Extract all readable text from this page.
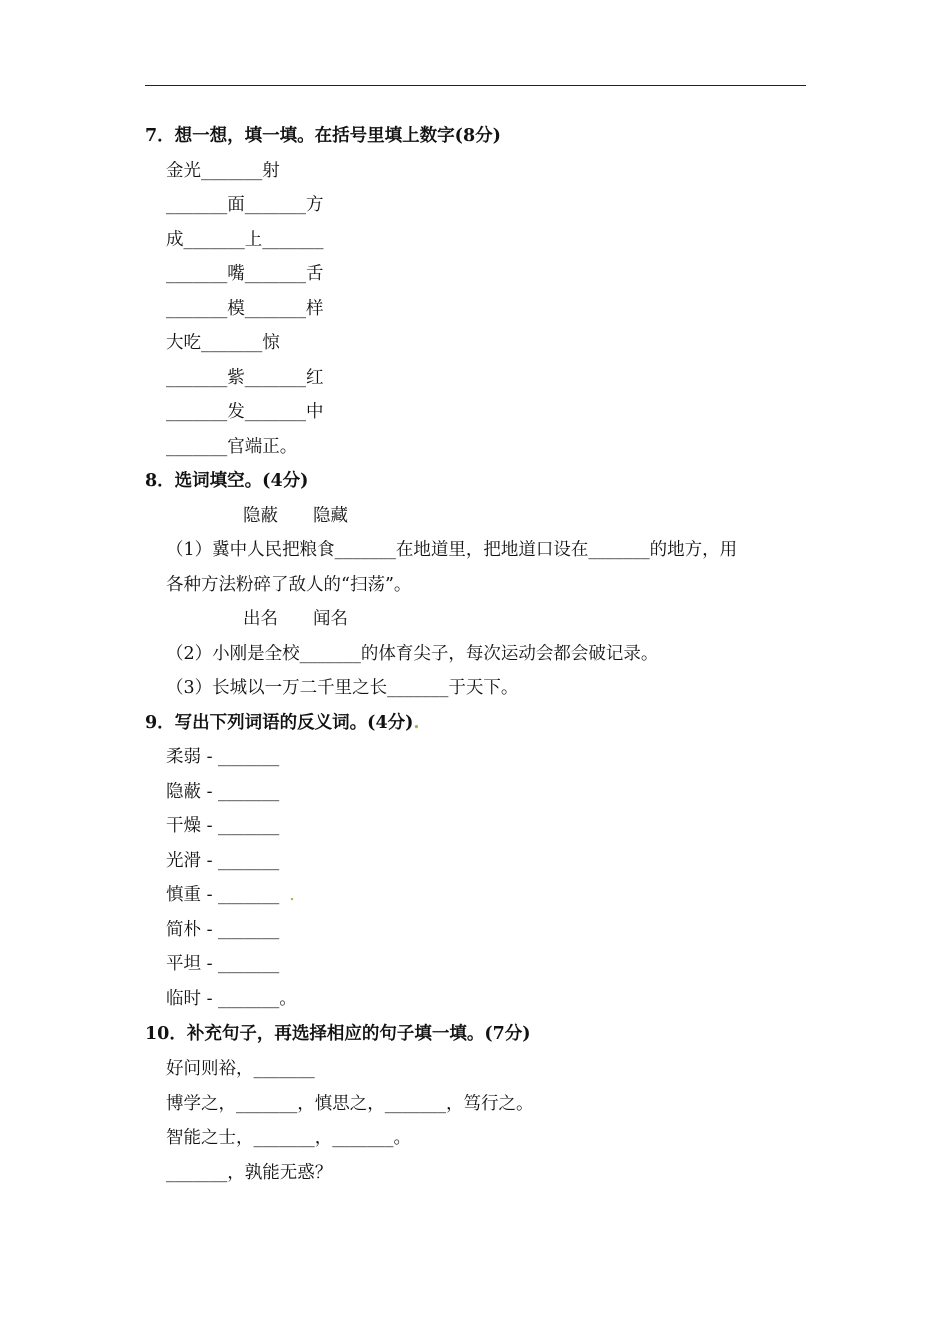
7．想一想，填一填。在括号里填上数字(8分)
金光_______射
_______面_______方
成_______上_______
_______嘴_______舌
_______模_______样
大吃_______惊
_______紫_______红
_______发_______中
_______官端正。
8．选词填空。(4分)
隐蔽　　隐藏
（1）冀中人民把粮食_______在地道里，把地道口设在_______的地方，用
各种方法粉碎了敌人的“扫荡”。
出名　　闻名
（2）小刚是全校_______的体育尖子，每次运动会都会破记录。
（3）长城以一万二千里之长_______于天下。
9．写出下列词语的反义词。(4分).
柔弱 - _______
隐蔽 - _______
干燥 - _______
光滑 - _______
慎重 - _______ .
简朴 - _______
平坦 - _______
临时 - _______。
10．补充句子，再选择相应的句子填一填。(7分)
好问则裕，_______
博学之，_______，慎思之，_______，笃行之。
智能之士，_______，_______。
_______，孰能无惑？
